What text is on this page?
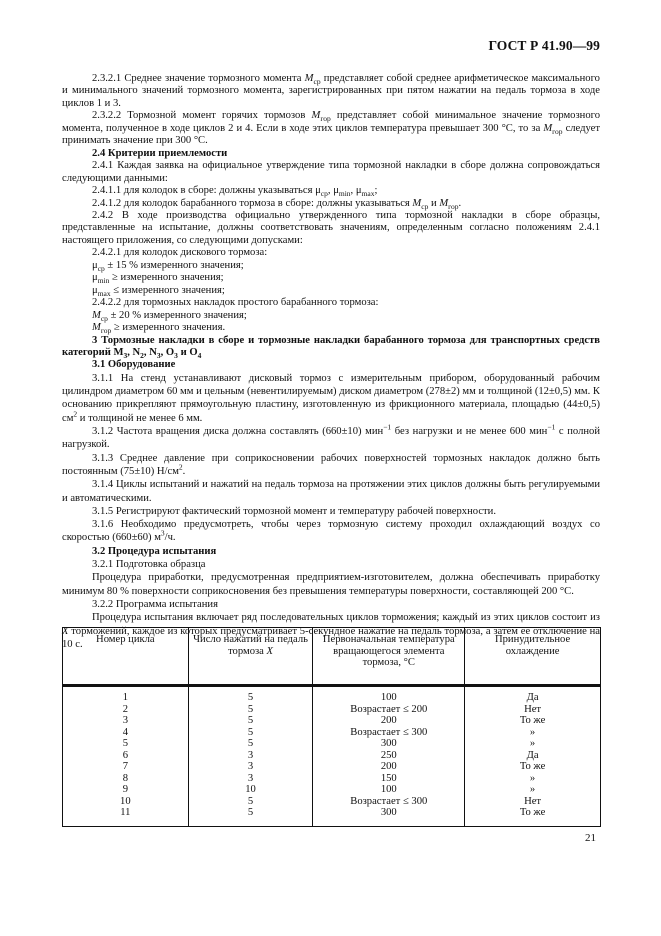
ГОСТ Р 41.90—99

2.3.2.1 Среднее значение тормозного момента $M_{ср}$ представляет собой среднее арифметическое максимального и минимального значений тормозного момента, зарегистрированных при пятом нажатии на педаль тормоза в ходе циклов 1 и 3.

2.3.2.2 Тормозной момент горячих тормозов $M_{гор}$ представляет собой минимальное значение тормозного момента, полученное в ходе циклов 2 и 4. Если в ходе этих циклов температура превышает 300 °С, то за $M_{гор}$ следует принимать значение при 300 °С.

2.4 Критерии приемлемости

2.4.1 Каждая заявка на официальное утверждение типа тормозной накладки в сборе должна сопровождаться следующими данными:

2.4.1.1 для колодок в сборе: должны указываться $\mu_{ср}$, $\mu_{min}$, $\mu_{max}$;

2.4.1.2 для колодок барабанного тормоза в сборе: должны указываться $M_{ср}$ и $M_{гор}$.

2.4.2 В ходе производства официально утвержденного типа тормозной накладки в сборе образцы, представленные на испытание, должны соответствовать значениям, определенным согласно положениям 2.4.1 настоящего приложения, со следующими допусками:

2.4.2.1 для колодок дискового тормоза:

$\mu_{ср} \pm 15$ % измеренного значения;

$\mu_{min}$ ≥ измеренного значения;

$\mu_{max}$ ≤ измеренного значения;

2.4.2.2 для тормозных накладок простого барабанного тормоза:

$M_{ср} \pm 20$ % измеренного значения;

$M_{гор}$ ≥ измеренного значения.

3 Тормозные накладки в сборе и тормозные накладки барабанного тормоза для транспортных средств категорий $M_3$, $N_2$, $N_3$, $O_3$ и $O_4$

3.1 Оборудование

3.1.1 На стенд устанавливают дисковый тормоз с измерительным прибором, оборудованный рабочим цилиндром диаметром 60 мм и цельным (невентилируемым) диском диаметром (278±2) мм и толщиной (12±0,5) мм. К основанию прикрепляют прямоугольную пластину, изготовленную из фрикционного материала, площадью (44±0,5) $см^2$ и толщиной не менее 6 мм.

3.1.2 Частота вращения диска должна составлять (660±10) мин$^{-1}$ без нагрузки и не менее 600 мин$^{-1}$ с полной нагрузкой.

3.1.3 Среднее давление при соприкосновении рабочих поверхностей тормозных накладок должно быть постоянным (75±10) $Н/см^2$.

3.1.4 Циклы испытаний и нажатий на педаль тормоза на протяжении этих циклов должны быть регулируемыми и автоматическими.

3.1.5 Регистрируют фактический тормозной момент и температуру рабочей поверхности.

3.1.6 Необходимо предусмотреть, чтобы через тормозную систему проходил охлаждающий воздух со скоростью (660±60) $м^3/ч$.

3.2 Процедура испытания

3.2.1 Подготовка образца

Процедура приработки, предусмотренная предприятием-изготовителем, должна обеспечивать приработку минимум 80 % поверхности соприкосновения без превышения температуры поверхности, составляющей 200 °С.

3.2.2 Программа испытания

Процедура испытания включает ряд последовательных циклов торможения; каждый из этих циклов состоит из X торможений, каждое из которых предусматривает 5-секундное нажатие на педаль тормоза, а затем ее отключение на 10 с.	Номер цикла	Число нажатий на педаль тормоза X	Первоначальная температура вращающегося элемента тормоза, °С	Принудительное охлаждение
1	5	100	Да
2	5	Возрастает ≤ 200	Нет
3	5	200	То же
4	5	Возрастает ≤ 300	»
5	5	300	»
6	3	250	Да
7	3	200	То же
8	3	150	»
9	10	100	»
10	5	Возрастает ≤ 300	Нет
11	5	300	То же
21
